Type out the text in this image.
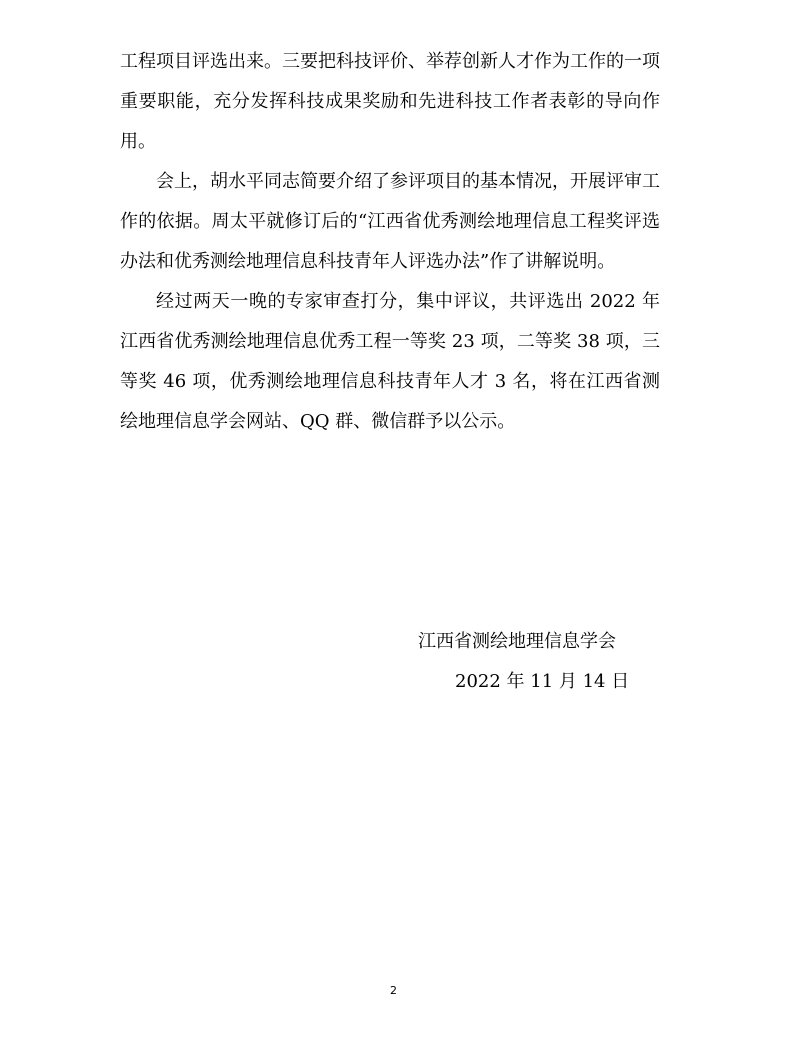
工程项目评选出来。三要把科技评价、举荐创新人才作为工作的一项重要职能，充分发挥科技成果奖励和先进科技工作者表彰的导向作用。

会上，胡水平同志简要介绍了参评项目的基本情况，开展评审工作的依据。周太平就修订后的“江西省优秀测绘地理信息工程奖评选办法和优秀测绘地理信息科技青年人评选办法”作了讲解说明。

经过两天一晚的专家审查打分，集中评议，共评选出 2022 年江西省优秀测绘地理信息优秀工程一等奖 23 项，二等奖 38 项，三等奖 46 项，优秀测绘地理信息科技青年人才 3 名，将在江西省测绘地理信息学会网站、QQ 群、微信群予以公示。

江西省测绘地理信息学会
2022 年 11 月 14 日
2
